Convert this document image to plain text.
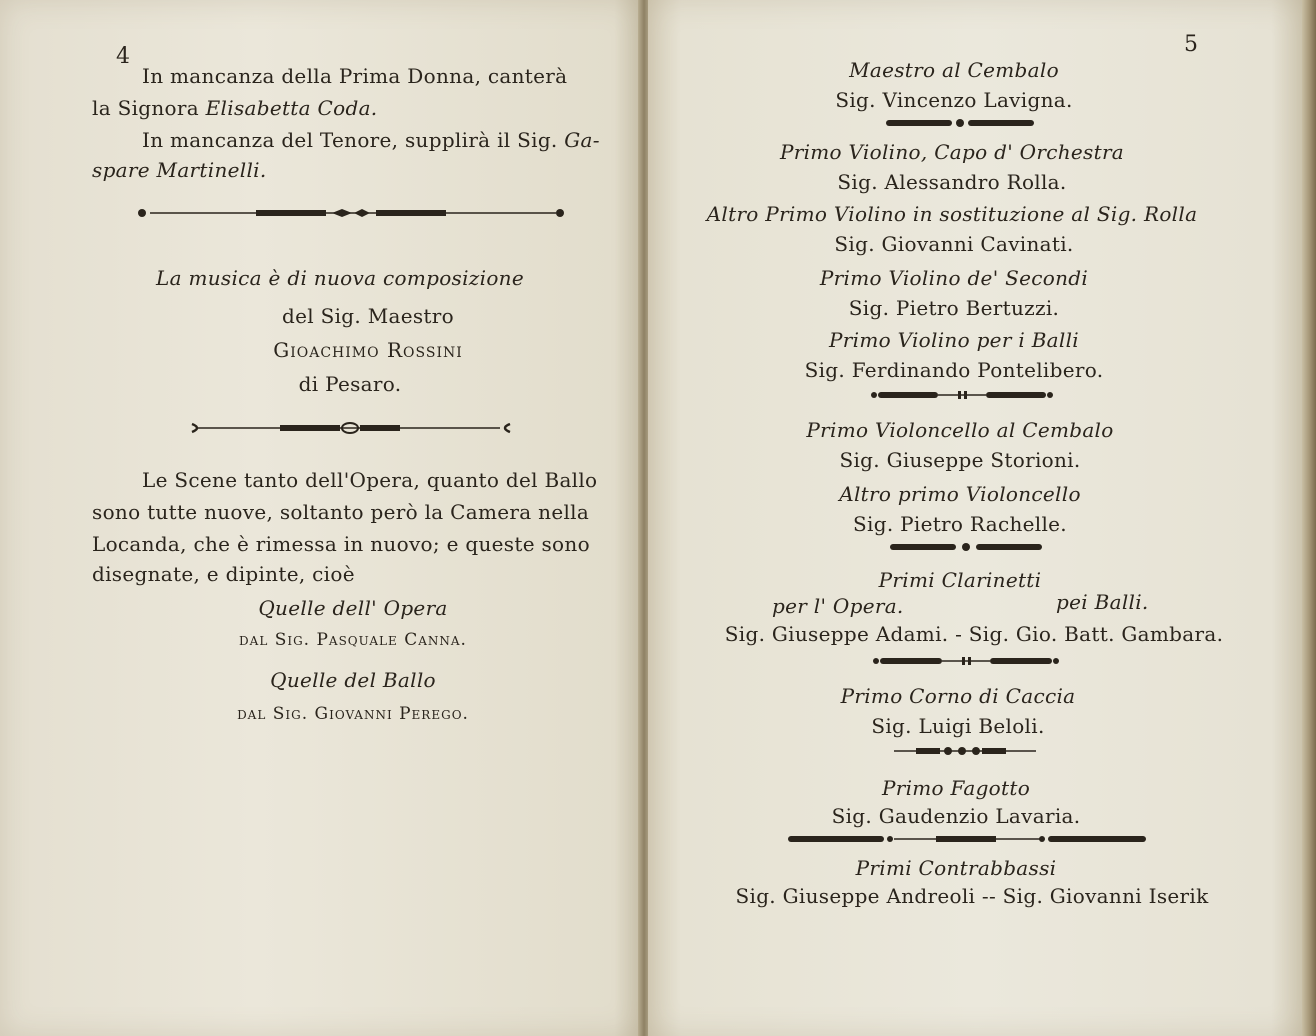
4
In mancanza della Prima Donna, canterà
la Signora Elisabetta Coda.
In mancanza del Tenore, supplirà il Sig. Ga-
spare Martinelli.
La musica è di nuova composizione
del Sig. Maestro
Gioachimo Rossini
di Pesaro.
Le Scene tanto dell'Opera, quanto del Ballo
sono tutte nuove, soltanto però la Camera nella
Locanda, che è rimessa in nuovo; e queste sono
disegnate, e dipinte, cioè
Quelle dell' Opera
dal Sig. Pasquale Canna.
Quelle del Ballo
dal Sig. Giovanni Perego.
5
Maestro al Cembalo
Sig. Vincenzo Lavigna.
Primo Violino, Capo d' Orchestra
Sig. Alessandro Rolla.
Altro Primo Violino in sostituzione al Sig. Rolla
Sig. Giovanni Cavinati.
Primo Violino de' Secondi
Sig. Pietro Bertuzzi.
Primo Violino per i Balli
Sig. Ferdinando Pontelibero.
Primo Violoncello al Cembalo
Sig. Giuseppe Storioni.
Altro primo Violoncello
Sig. Pietro Rachelle.
Primi Clarinetti
per l' Opera.	pei Balli.
Sig. Giuseppe Adami. - Sig. Gio. Batt. Gambara.
Primo Corno di Caccia
Sig. Luigi Beloli.
Primo Fagotto
Sig. Gaudenzio Lavaria.
Primi Contrabbassi
Sig. Giuseppe Andreoli -- Sig. Giovanni Iserik
